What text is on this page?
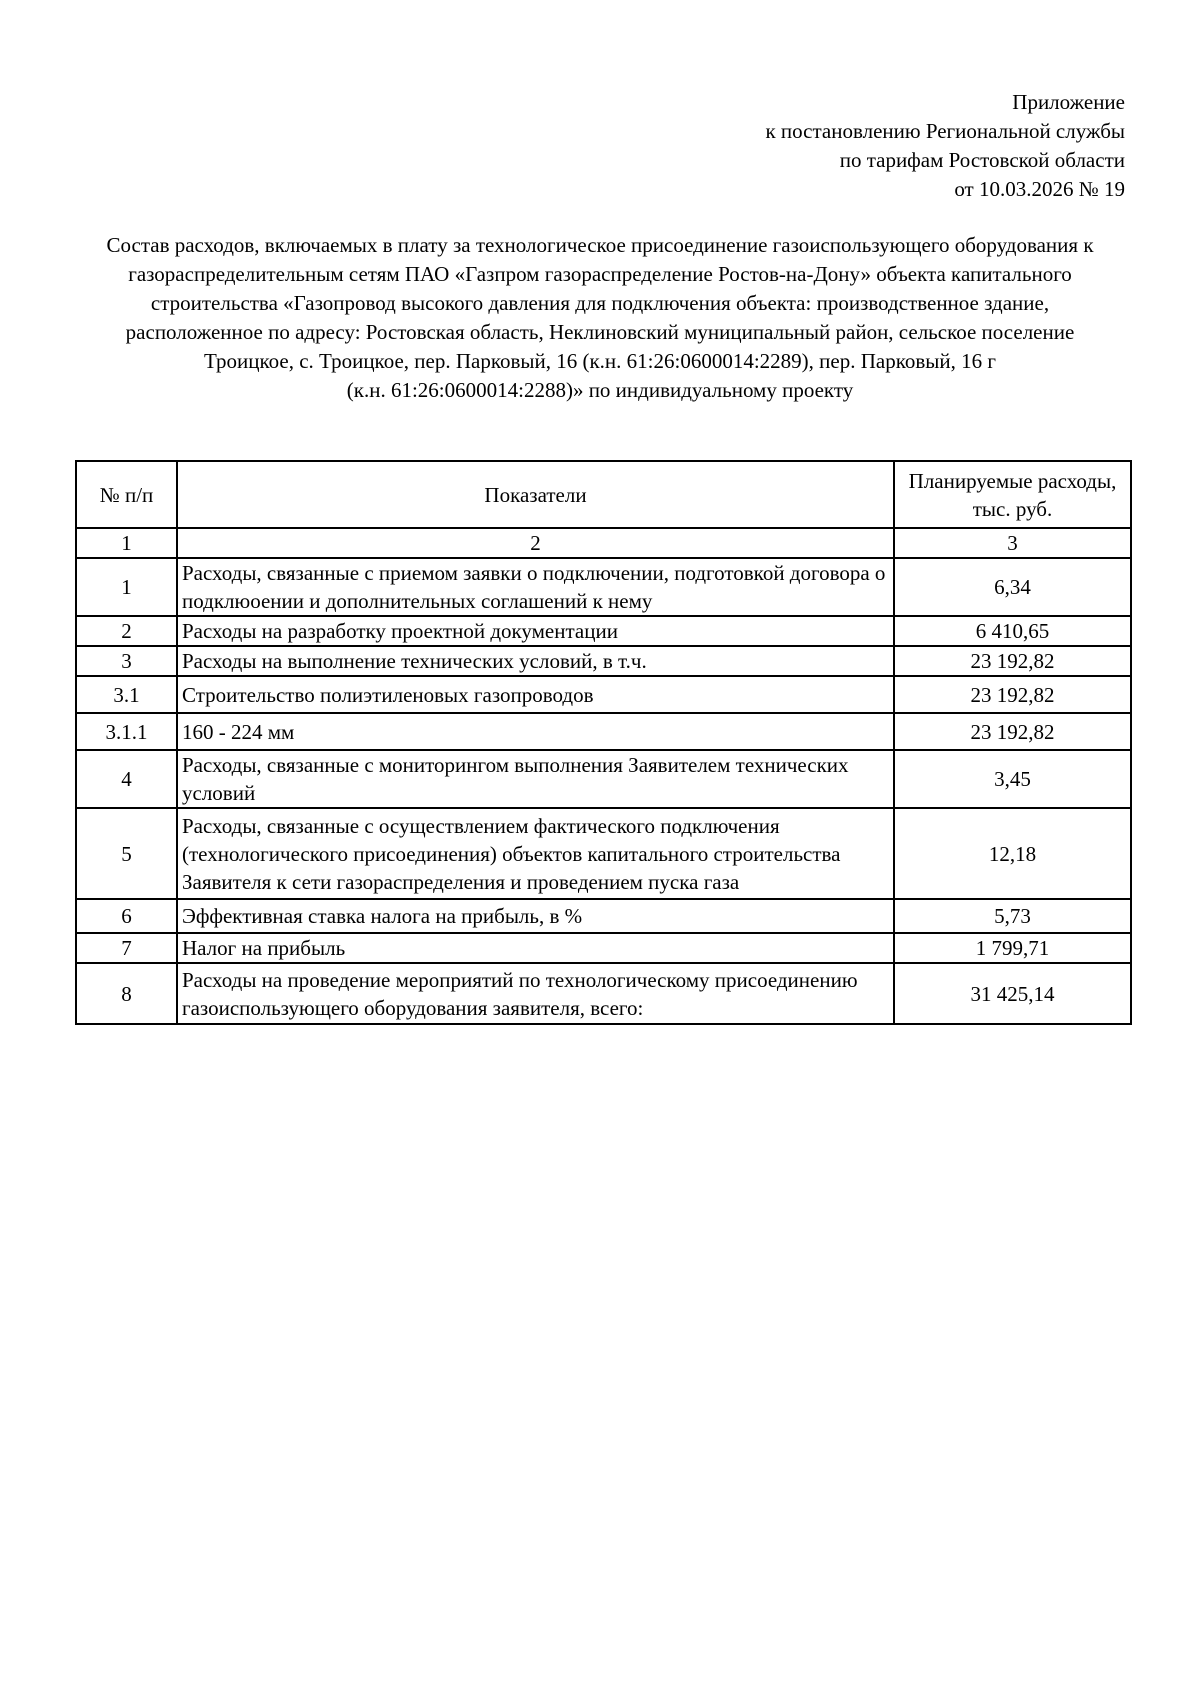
Приложение
к постановлению Региональной службы
по тарифам Ростовской области
от 10.03.2026 № 19
Состав расходов, включаемых в плату за технологическое присоединение газоиспользующего оборудования к
газораспределительным сетям ПАО «Газпром газораспределение Ростов-на-Дону» объекта капитального
строительства «Газопровод высокого давления для подключения объекта: производственное здание,
расположенное по адресу: Ростовская область, Неклиновский муниципальный район, сельское поселение
Троицкое, с. Троицкое, пер. Парковый, 16 (к.н. 61:26:0600014:2289), пер. Парковый, 16 г
(к.н. 61:26:0600014:2288)» по индивидуальному проекту
№ п/п	Показатели	Планируемые расходы,
тыс. руб.

1	2	3
1	Расходы, связанные с приемом заявки о подключении, подготовкой договора о подклюоении и дополнительных соглашений к нему	6,34
2	Расходы на разработку проектной документации	6 410,65
3	Расходы на выполнение технических условий, в т.ч.	23 192,82
3.1	Строительство полиэтиленовых газопроводов	23 192,82
3.1.1	160 - 224 мм	23 192,82
4	Расходы, связанные с мониторингом выполнения Заявителем технических условий	3,45
5	Расходы, связанные с осуществлением фактического подключения (технологического присоединения) объектов капитального строительства Заявителя к сети газораспределения и проведением пуска газа	12,18
6	Эффективная ставка налога на прибыль, в %	5,73
7	Налог на прибыль	1 799,71
8	Расходы на проведение мероприятий по технологическому присоединению газоиспользующего оборудования заявителя, всего:	31 425,14
